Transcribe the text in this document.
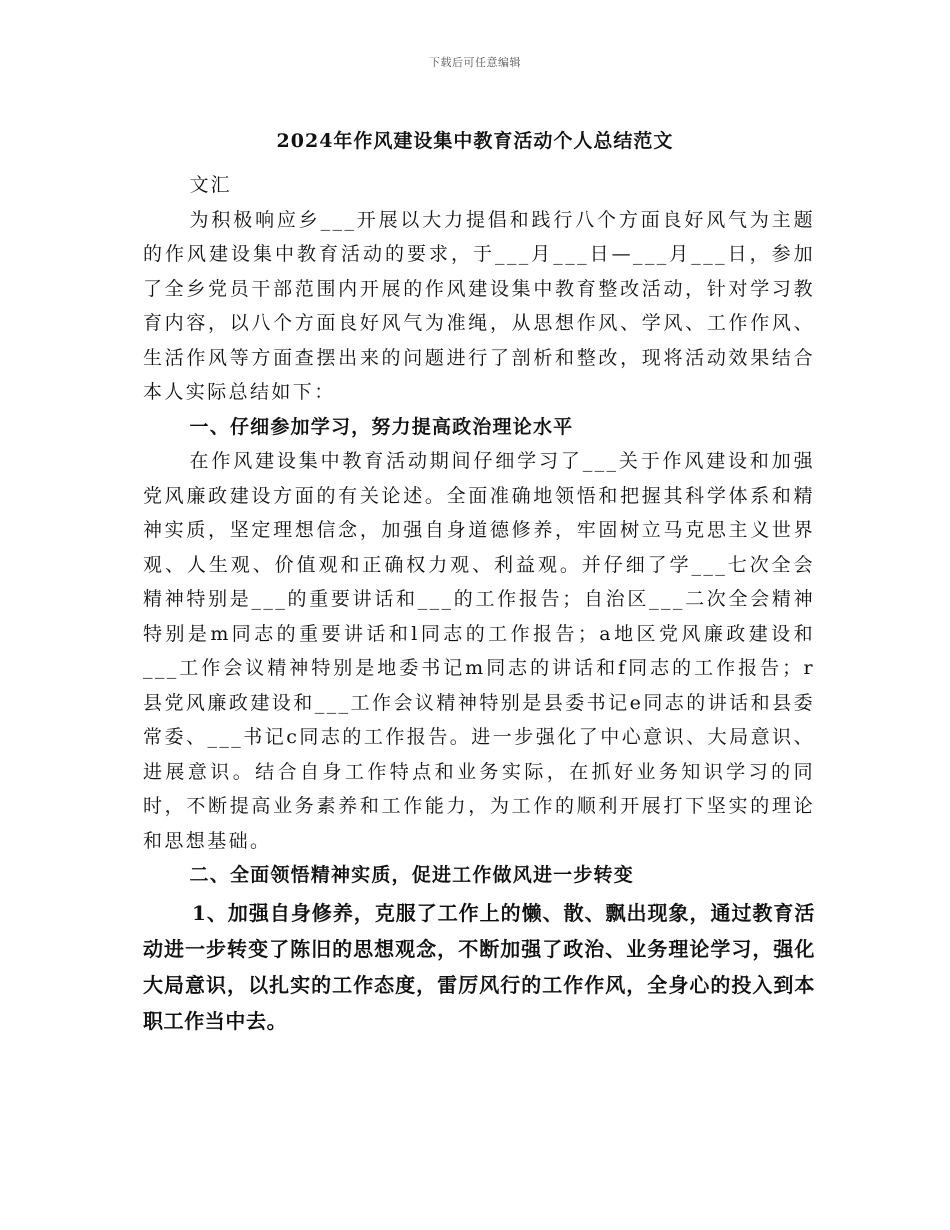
下载后可任意编辑
2024年作风建设集中教育活动个人总结范文

文汇

为积极响应乡___开展以大力提倡和践行八个方面良好风气为主题的作风建设集中教育活动的要求，于___月___日—___月___日，参加了全乡党员干部范围内开展的作风建设集中教育整改活动，针对学习教育内容，以八个方面良好风气为准绳，从思想作风、学风、工作作风、生活作风等方面查摆出来的问题进行了剖析和整改，现将活动效果结合本人实际总结如下：

一、仔细参加学习，努力提高政治理论水平

在作风建设集中教育活动期间仔细学习了___关于作风建设和加强党风廉政建设方面的有关论述。全面准确地领悟和把握其科学体系和精神实质，坚定理想信念，加强自身道德修养，牢固树立马克思主义世界观、人生观、价值观和正确权力观、利益观。并仔细了学___七次全会精神特别是___的重要讲话和___的工作报告；自治区___二次全会精神特别是m同志的重要讲话和l同志的工作报告；a地区党风廉政建设和___工作会议精神特别是地委书记m同志的讲话和f同志的工作报告；r县党风廉政建设和___工作会议精神特别是县委书记e同志的讲话和县委常委、___书记c同志的工作报告。进一步强化了中心意识、大局意识、进展意识。结合自身工作特点和业务实际，在抓好业务知识学习的同时，不断提高业务素养和工作能力，为工作的顺利开展打下坚实的理论和思想基础。

二、全面领悟精神实质，促进工作做风进一步转变

1、加强自身修养，克服了工作上的懒、散、飘出现象，通过教育活动进一步转变了陈旧的思想观念，不断加强了政治、业务理论学习，强化大局意识，以扎实的工作态度，雷厉风行的工作作风，全身心的投入到本职工作当中去。
